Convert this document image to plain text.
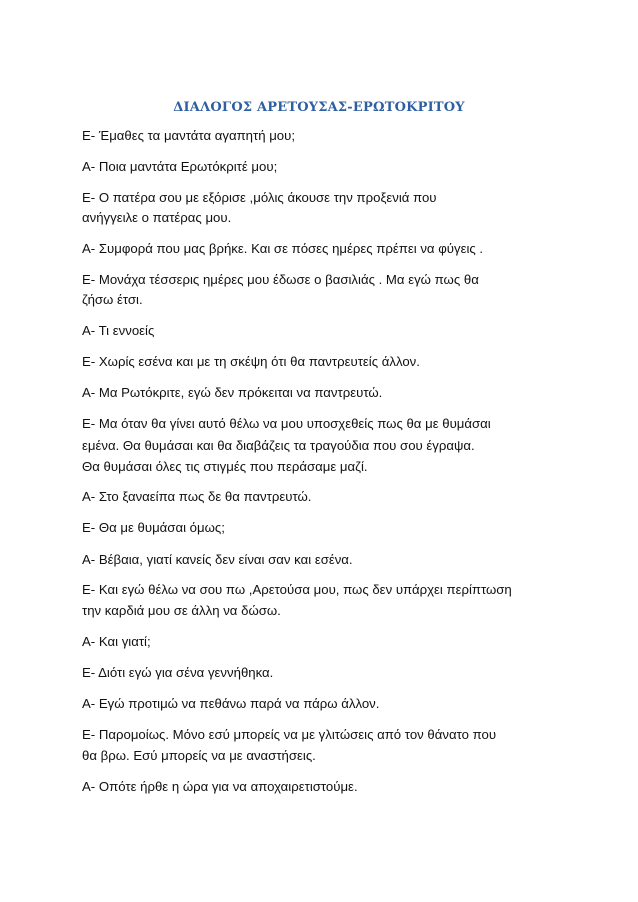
ΔΙΑΛΟΓΟΣ ΑΡΕΤΟΥΣΑΣ-ΕΡΩΤΟΚΡΙΤΟΥ
Ε- Έμαθες τα μαντάτα αγαπητή μου;
Α- Ποια μαντάτα Ερωτόκριτέ μου;
Ε- Ο πατέρα σου με εξόρισε ,μόλις άκουσε την προξενιά που
ανήγγειλε ο πατέρας μου.
Α- Συμφορά που μας βρήκε. Και σε πόσες ημέρες πρέπει να φύγεις .
Ε- Μονάχα τέσσερις ημέρες μου έδωσε ο βασιλιάς . Μα εγώ πως θα
ζήσω έτσι.
Α- Τι εννοείς
Ε- Χωρίς εσένα και με τη σκέψη ότι θα παντρευτείς άλλον.
Α- Μα Ρωτόκριτε, εγώ δεν πρόκειται να παντρευτώ.
Ε- Μα όταν θα γίνει αυτό θέλω να μου υποσχεθείς πως θα με θυμάσαι
εμένα. Θα θυμάσαι και θα διαβάζεις τα τραγούδια που σου έγραψα.
Θα θυμάσαι όλες τις στιγμές που περάσαμε μαζί.
Α- Στο ξαναείπα πως δε θα παντρευτώ.
Ε- Θα με θυμάσαι όμως;
Α- Βέβαια, γιατί κανείς δεν είναι σαν και εσένα.
Ε- Και εγώ θέλω να σου πω ,Αρετούσα μου, πως δεν υπάρχει περίπτωση
την καρδιά μου σε άλλη να δώσω.
Α- Και γιατί;
Ε- Διότι εγώ για σένα γεννήθηκα.
Α- Εγώ προτιμώ να πεθάνω παρά να πάρω άλλον.
Ε- Παρομοίως. Μόνο εσύ μπορείς να με γλιτώσεις από τον θάνατο που
θα βρω. Εσύ μπορείς να με αναστήσεις.
Α- Οπότε ήρθε η ώρα για να αποχαιρετιστούμε.
